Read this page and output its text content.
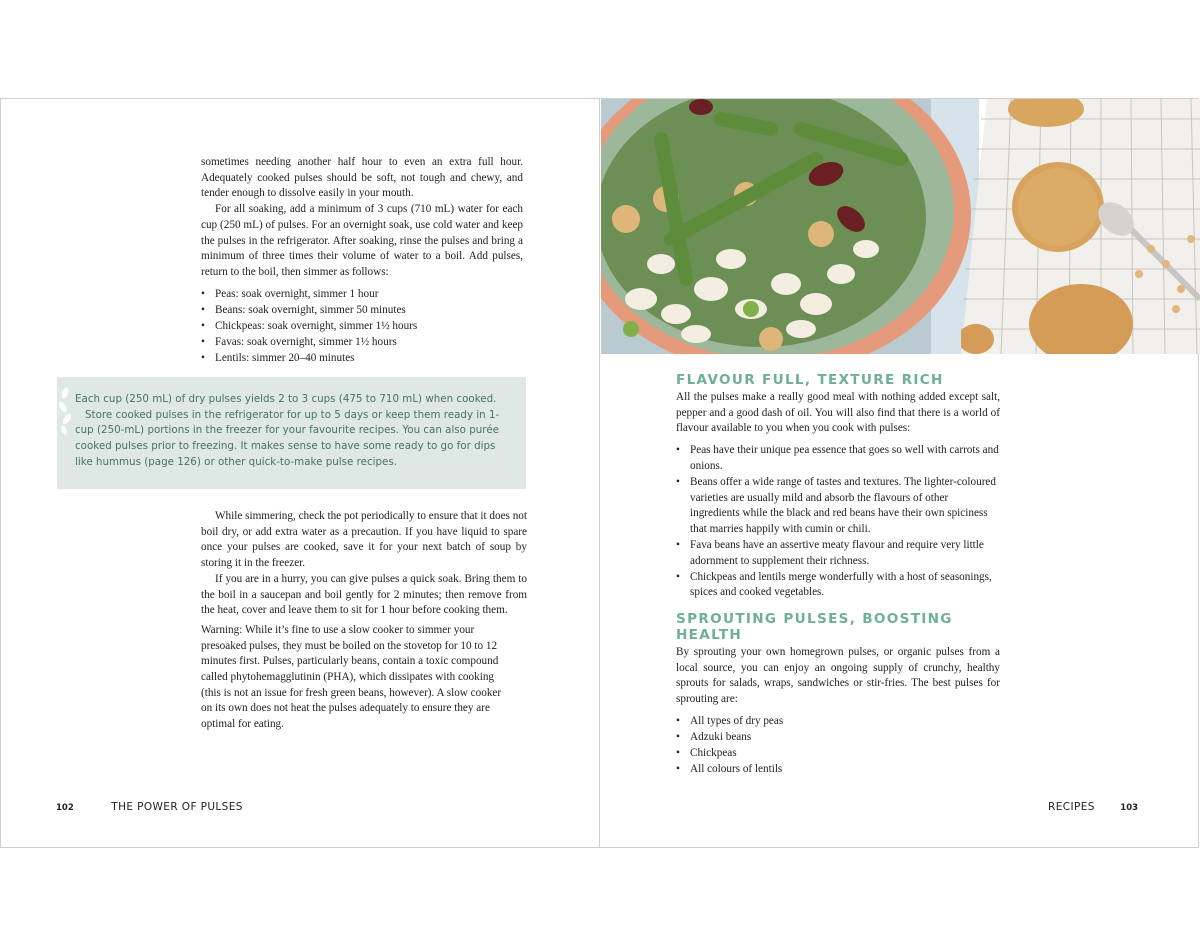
sometimes needing another half hour to even an extra full hour. Adequately cooked pulses should be soft, not tough and chewy, and tender enough to dissolve easily in your mouth.

For all soaking, add a minimum of 3 cups (710 mL) water for each cup (250 mL) of pulses. For an overnight soak, use cold water and keep the pulses in the refrigerator. After soaking, rinse the pulses and bring a minimum of three times their volume of water to a boil. Add pulses, return to the boil, then simmer as follows:

• Peas: soak overnight, simmer 1 hour
• Beans: soak overnight, simmer 50 minutes
• Chickpeas: soak overnight, simmer 1½ hours
• Favas: soak overnight, simmer 1½ hours
• Lentils: simmer 20–40 minutes

Each cup (250 mL) of dry pulses yields 2 to 3 cups (475 to 710 mL) when cooked.

Store cooked pulses in the refrigerator for up to 5 days or keep them ready in 1-cup (250-mL) portions in the freezer for your favourite recipes. You can also purée cooked pulses prior to freezing. It makes sense to have some ready to go for dips like hummus (page 126) or other quick-to-make pulse recipes.

While simmering, check the pot periodically to ensure that it does not boil dry, or add extra water as a precaution. If you have liquid to spare once your pulses are cooked, save it for your next batch of soup by storing it in the freezer.

If you are in a hurry, you can give pulses a quick soak. Bring them to the boil in a saucepan and boil gently for 2 minutes; then remove from the heat, cover and leave them to sit for 1 hour before cooking them.

Warning: While it’s fine to use a slow cooker to simmer your presoaked pulses, they must be boiled on the stovetop for 10 to 12 minutes first. Pulses, particularly beans, contain a toxic compound called phytohemagglutinin (PHA), which dissipates with cooking (this is not an issue for fresh green beans, however). A slow cooker on its own does not heat the pulses adequately to ensure they are optimal for eating.

102	THE POWER OF PULSES
FLAVOUR FULL, TEXTURE RICH

All the pulses make a really good meal with nothing added except salt, pepper and a good dash of oil. You will also find that there is a world of flavour available to you when you cook with pulses:

• Peas have their unique pea essence that goes so well with carrots and onions.
• Beans offer a wide range of tastes and textures. The lighter-coloured varieties are usually mild and absorb the flavours of other ingredients while the black and red beans have their own spiciness that marries happily with cumin or chili.
• Fava beans have an assertive meaty flavour and require very little adornment to supplement their richness.
• Chickpeas and lentils merge wonderfully with a host of seasonings, spices and cooked vegetables.
SPROUTING PULSES, BOOSTING HEALTH

By sprouting your own homegrown pulses, or organic pulses from a local source, you can enjoy an ongoing supply of crunchy, healthy sprouts for salads, wraps, sandwiches or stir-fries. The best pulses for sprouting are:

• All types of dry peas
• Adzuki beans
• Chickpeas
• All colours of lentils
RECIPES	103
